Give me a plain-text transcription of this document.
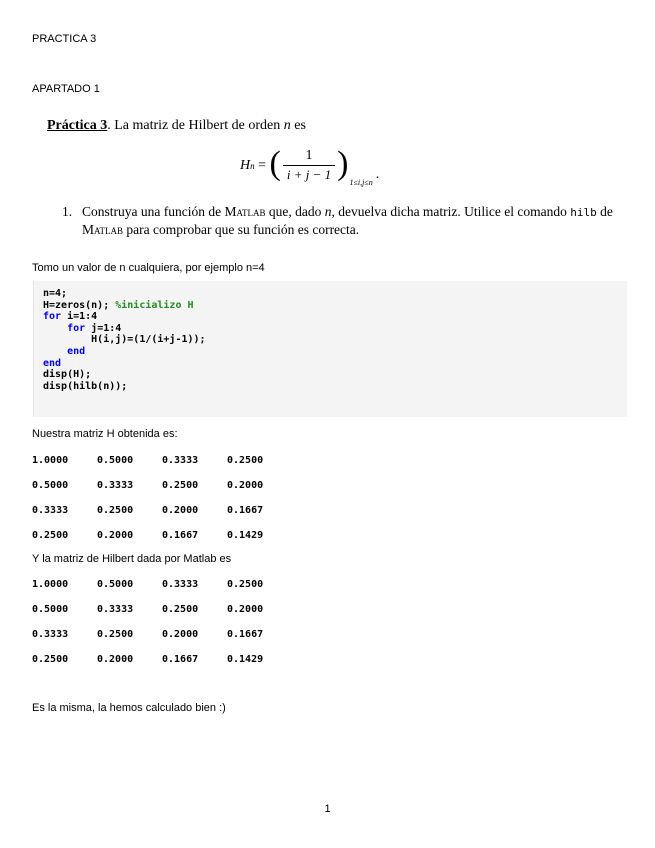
PRACTICA 3
APARTADO 1
Práctica 3. La matriz de Hilbert de orden n es
H n = ( $\frac{1}{i + j - 1}$ )
1≤i,j≤n
.
1. Construya una función de Matlab que, dado n, devuelva dicha matriz. Utilice el comando hilb de Matlab para comprobar que su función es correcta.
Tomo un valor de n cualquiera, por ejemplo n=4
n=4;
H=zeros(n); %inicializo H
for i=1:4
for j=1:4
H(i,j)=(1/(i+j-1));
end
end
disp(H);
disp(hilb(n));
Nuestra matriz H obtenida es:
1.0000	0.5000	0.3333	0.2500
0.5000	0.3333	0.2500	0.2000
0.3333	0.2500	0.2000	0.1667
0.2500	0.2000	0.1667	0.1429
Y la matriz de Hilbert dada por Matlab es
1.0000	0.5000	0.3333	0.2500
0.5000	0.3333	0.2500	0.2000
0.3333	0.2500	0.2000	0.1667
0.2500	0.2000	0.1667	0.1429
Es la misma, la hemos calculado bien :)
1
